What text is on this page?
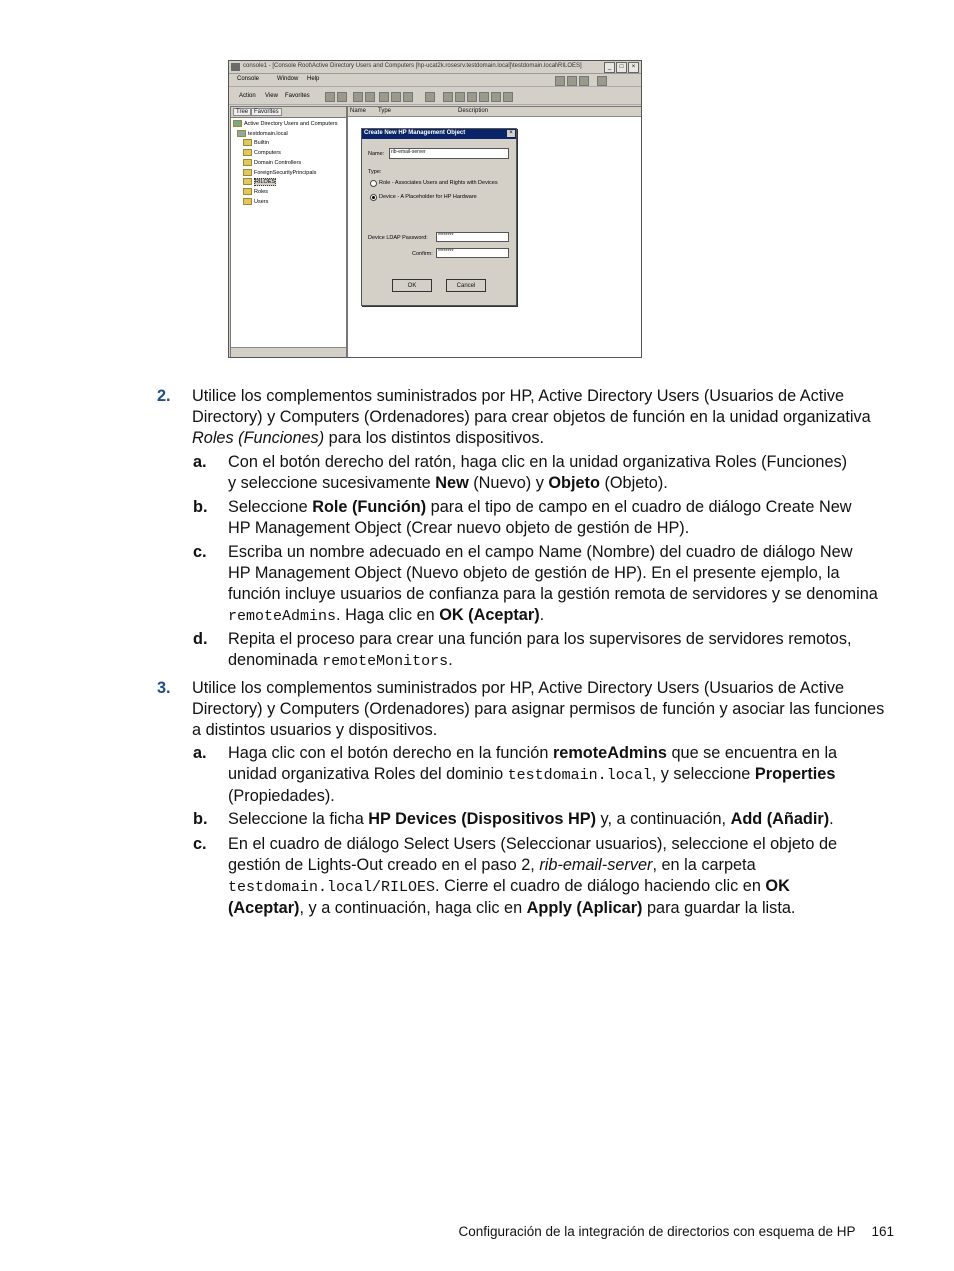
console1 - [Console Root\Active Directory Users and Computers [hp-ucat2k.rosesrv.testdomain.local]\testdomain.local\RILOES]	_	□	×
Console	Window Help
Action View Favorites
Tree Favorites
Active Directory Users and Computers
testdomain.local
Builtin
Computers
Domain Controllers
ForeignSecurityPrincipals
RILOES
Roles
Users
Name Type	Description
Create New HP Management Object	×
Name:	rib-email-server
Type:
Role - Associates Users and Rights with Devices
Device - A Placeholder for HP Hardware
Device LDAP Password:	********
Confirm:	********
OK	Cancel
2. Utilice los complementos suministrados por HP, Active Directory Users (Usuarios de Active
Directory) y Computers (Ordenadores) para crear objetos de función en la unidad organizativa
Roles (Funciones) para los distintos dispositivos.
a. Con el botón derecho del ratón, haga clic en la unidad organizativa Roles (Funciones)
y seleccione sucesivamente New (Nuevo) y Objeto (Objeto).
b. Seleccione Role (Función) para el tipo de campo en el cuadro de diálogo Create New
HP Management Object (Crear nuevo objeto de gestión de HP).
c. Escriba un nombre adecuado en el campo Name (Nombre) del cuadro de diálogo New
HP Management Object (Nuevo objeto de gestión de HP). En el presente ejemplo, la
función incluye usuarios de confianza para la gestión remota de servidores y se denomina
remoteAdmins. Haga clic en OK (Aceptar).
d. Repita el proceso para crear una función para los supervisores de servidores remotos,
denominada remoteMonitors.
3. Utilice los complementos suministrados por HP, Active Directory Users (Usuarios de Active
Directory) y Computers (Ordenadores) para asignar permisos de función y asociar las funciones
a distintos usuarios y dispositivos.
a. Haga clic con el botón derecho en la función remoteAdmins que se encuentra en la
unidad organizativa Roles del dominio testdomain.local, y seleccione Properties
(Propiedades).
b. Seleccione la ficha HP Devices (Dispositivos HP) y, a continuación, Add (Añadir).
c. En el cuadro de diálogo Select Users (Seleccionar usuarios), seleccione el objeto de
gestión de Lights-Out creado en el paso 2, rib-email-server, en la carpeta
testdomain.local/RILOES. Cierre el cuadro de diálogo haciendo clic en OK
(Aceptar), y a continuación, haga clic en Apply (Aplicar) para guardar la lista.
Configuración de la integración de directorios con esquema de HP 161
